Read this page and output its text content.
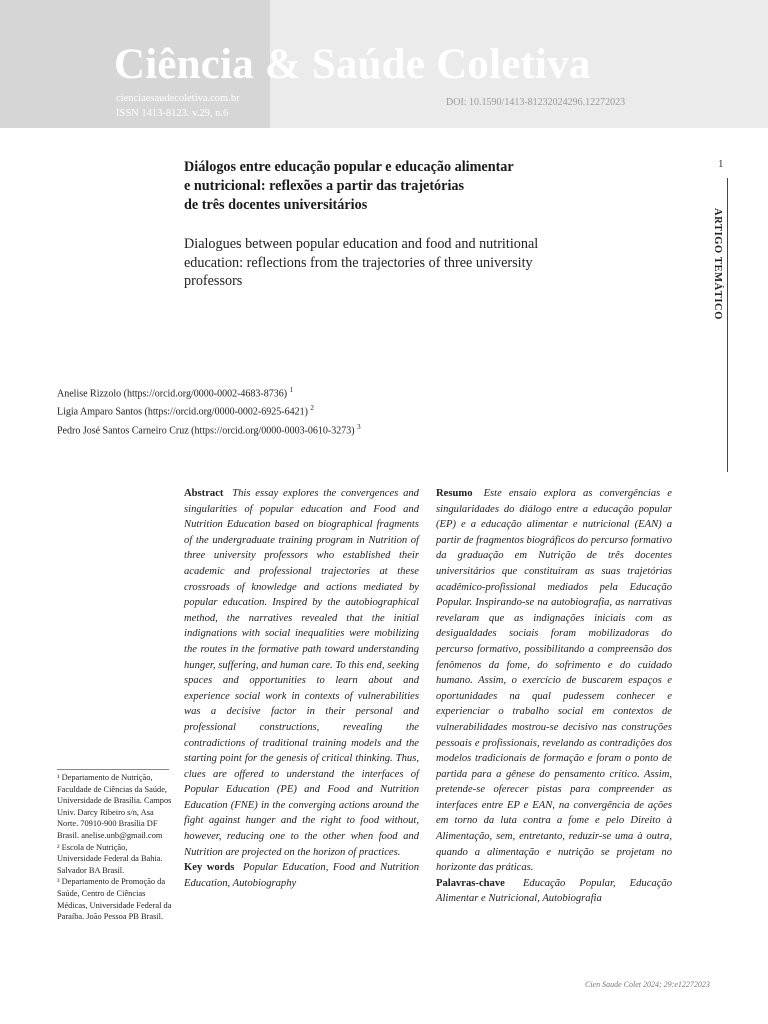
Ciência & Saúde Coletiva
cienciaesaudecoletiva.com.br
ISSN 1413-8123. v.29, n.6
DOI: 10.1590/1413-81232024296.12272023
1
ARTIGO TEMÁTICO
Diálogos entre educação popular e educação alimentar
e nutricional: reflexões a partir das trajetórias
de três docentes universitários
Dialogues between popular education and food and nutritional
education: reflections from the trajectories of three university
professors
Anelise Rizzolo (https://orcid.org/0000-0002-4683-8736) $^1$
Ligia Amparo Santos (https://orcid.org/0000-0002-6925-6421) $^2$
Pedro José Santos Carneiro Cruz (https://orcid.org/0000-0003-0610-3273) $^3$

Abstract This essay explores the convergences and singularities of popular education and Food and Nutrition Education based on biographical fragments of the undergraduate training program in Nutrition of three university professors who established their academic and professional trajectories at these crossroads of knowledge and actions mediated by popular education. Inspired by the autobiographical method, the narratives revealed that the initial indignations with social inequalities were mobilizing the routes in the formative path toward understanding hunger, suffering, and human care. To this end, seeking spaces and opportunities to learn about and experience social work in contexts of vulnerabilities was a decisive factor in their personal and professional constructions, revealing the contradictions of traditional training models and the starting point for the genesis of critical thinking. Thus, clues are offered to understand the interfaces of Popular Education (PE) and Food and Nutrition Education (FNE) in the converging actions around the fight against hunger and the right to food without, however, reducing one to the other when food and Nutrition are projected on the horizon of practices.

Key words Popular Education, Food and Nutrition Education, Autobiography

Resumo Este ensaio explora as convergências e singularidades do diálogo entre a educação popular (EP) e a educação alimentar e nutricional (EAN) a partir de fragmentos biográficos do percurso formativo da graduação em Nutrição de três docentes universitários que constituíram as suas trajetórias acadêmico-profissional mediados pela Educação Popular. Inspirando-se na autobiografia, as narrativas revelaram que as indignações iniciais com as desigualdades sociais foram mobilizadoras do percurso formativo, possibilitando a compreensão dos fenômenos da fome, do sofrimento e do cuidado humano. Assim, o exercício de buscarem espaços e oportunidades na qual pudessem conhecer e experienciar o trabalho social em contextos de vulnerabilidades mostrou-se decisivo nas construções pessoais e profissionais, revelando as contradições dos modelos tradicionais de formação e foram o ponto de partida para a gênese do pensamento crítico. Assim, pretende-se oferecer pistas para compreender as interfaces entre EP e EAN, na convergência de ações em torno da luta contra a fome e pelo Direito à Alimentação, sem, entretanto, reduzir-se uma à outra, quando a alimentação e nutrição se projetam no horizonte das práticas.

Palavras-chave Educação Popular, Educação Alimentar e Nutricional, Autobiografia

¹ Departamento de Nutrição, Faculdade de Ciências da Saúde, Universidade de Brasília. Campos Univ. Darcy Ribeiro s/n, Asa Norte. 70910-900 Brasília DF Brasil. anelise.unb@gmail.com

² Escola de Nutrição, Universidade Federal da Bahia. Salvador BA Brasil.

³ Departamento de Promoção da Saúde, Centro de Ciências Médicas, Universidade Federal da Paraíba. João Pessoa PB Brasil.

Cien Saude Colet 2024; 29:e12272023
